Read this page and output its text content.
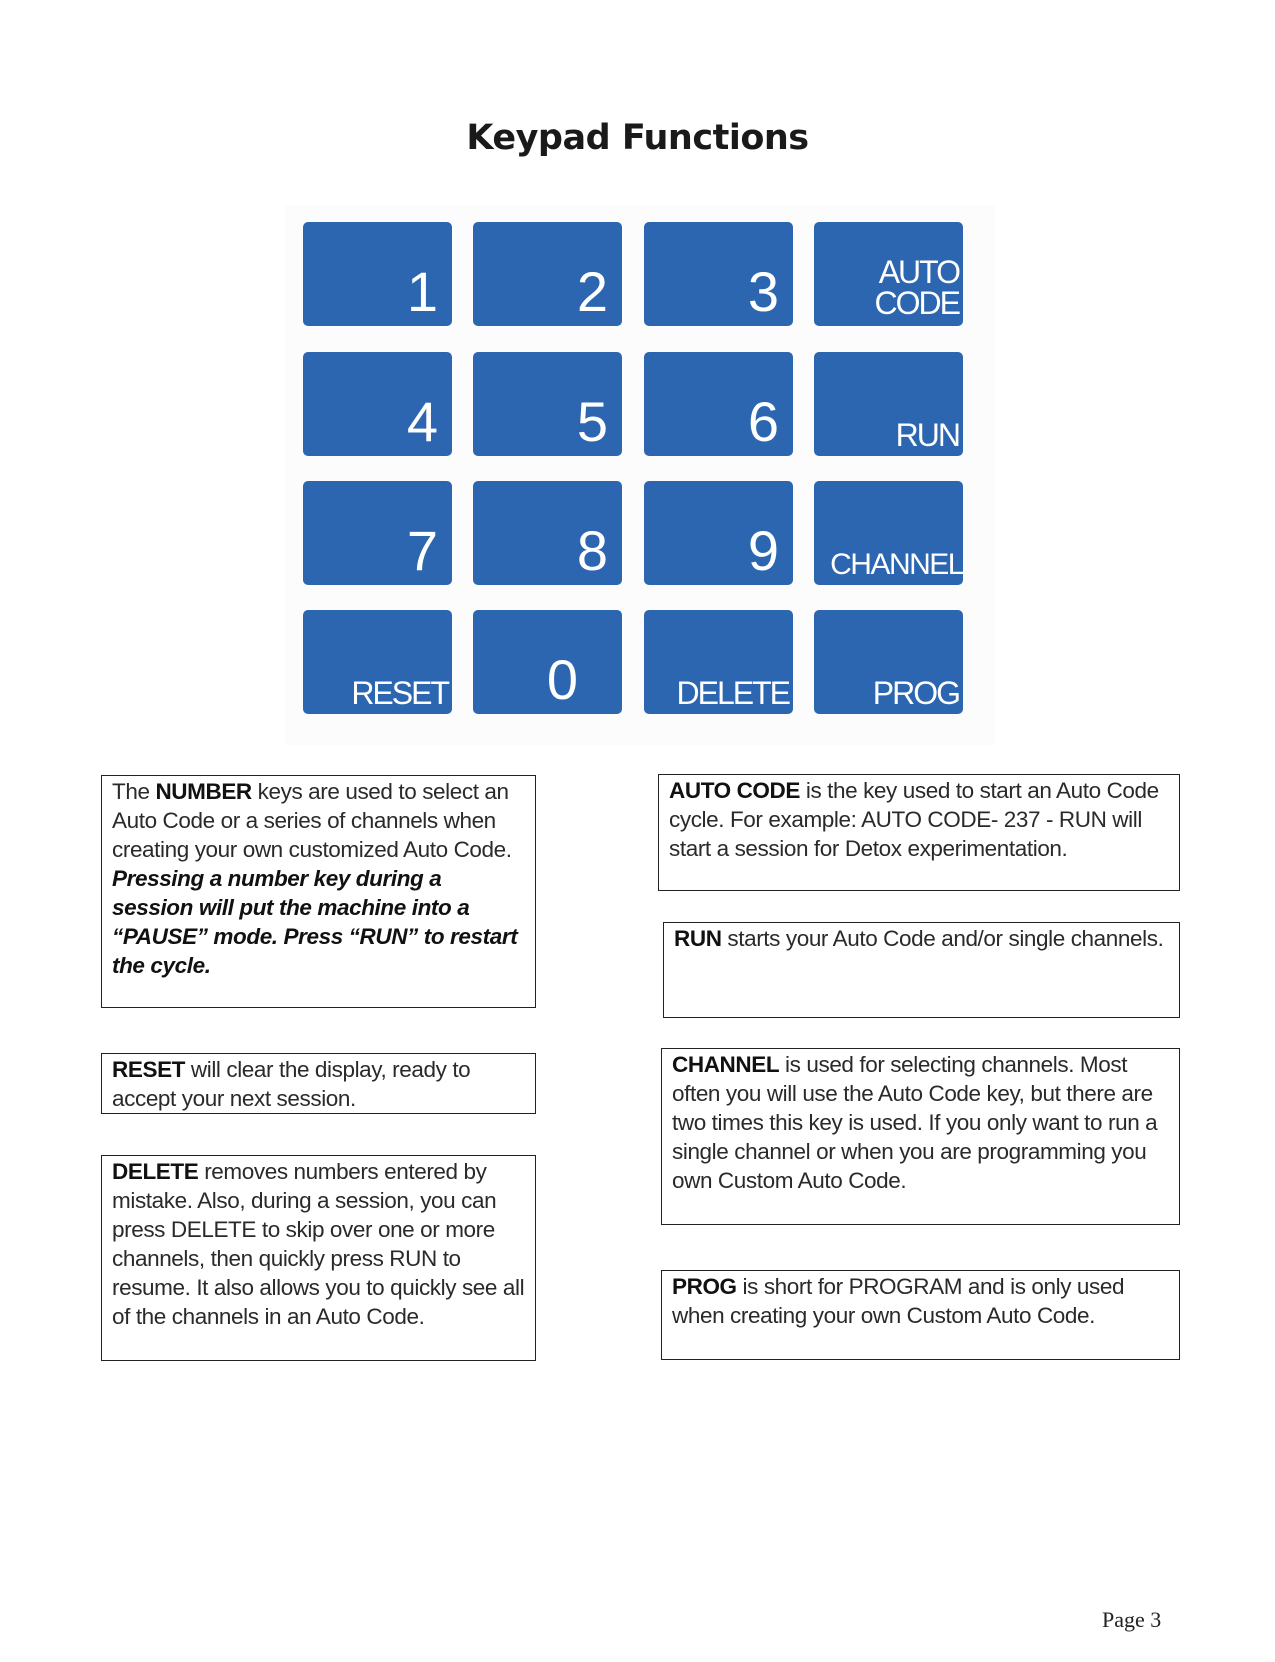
Keypad Functions
1	2	3	AUTO
CODE
4	5	6	RUN
7	8	9	CHANNEL
RESET	0	DELETE	PROG
The NUMBER keys are used to select an Auto Code or a series of channels when creating your own customized Auto Code. Pressing a number key during a session will put the machine into a “PAUSE” mode. Press “RUN” to restart the cycle.
RESET will clear the display, ready to accept your next session.
DELETE removes numbers entered by mistake. Also, during a session, you can press DELETE to skip over one or more channels, then quickly press RUN to resume. It also allows you to quickly see all of the channels in an Auto Code.
AUTO CODE is the key used to start an Auto Code cycle. For example: AUTO CODE- 237 - RUN will start a session for Detox experimentation.
RUN starts your Auto Code and/or single channels.
CHANNEL is used for selecting channels. Most often you will use the Auto Code key, but there are two times this key is used. If you only want to run a single channel or when you are programming you own Custom Auto Code.
PROG is short for PROGRAM and is only used when creating your own Custom Auto Code.
Page 3
